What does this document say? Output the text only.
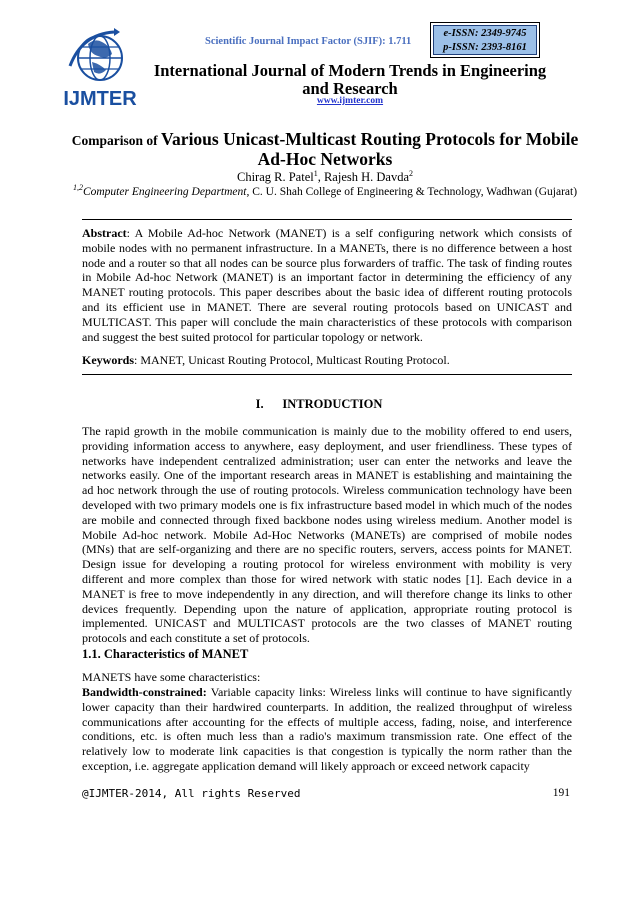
IJMTER
Scientific Journal Impact Factor (SJIF): 1.711
e-ISSN: 2349-9745
p-ISSN: 2393-8161
International Journal of Modern Trends in Engineering
and Research
www.ijmter.com
Comparison of Various Unicast-Multicast Routing Protocols for Mobile
Ad-Hoc Networks
Chirag R. Patel$^1$, Rajesh H. Davda$^2$
$^{1,2}$Computer Engineering Department, C. U. Shah College of Engineering & Technology, Wadhwan (Gujarat)

Abstract: A Mobile Ad-hoc Network (MANET) is a self configuring network which consists of mobile nodes with no permanent infrastructure. In a MANETs, there is no difference between a host node and a router so that all nodes can be source plus forwarders of traffic. The task of finding routes in Mobile Ad-hoc Network (MANET) is an important factor in determining the efficiency of any MANET routing protocols. This paper describes about the basic idea of different routing protocols and its efficient use in MANET. There are several routing protocols based on UNICAST and MULTICAST. This paper will conclude the main characteristics of these protocols with comparison and suggest the best suited protocol for particular topology or network.

Keywords: MANET, Unicast Routing Protocol, Multicast Routing Protocol.

I.      INTRODUCTION

The rapid growth in the mobile communication is mainly due to the mobility offered to end users, providing information access to anywhere, easy deployment, and user friendliness. These types of networks have independent centralized administration; user can enter the networks and leave the networks easily. One of the important research areas in MANET is establishing and maintaining the ad hoc network through the use of routing protocols. Wireless communication technology have been developed with two primary models one is fix infrastructure based model in which much of the nodes are mobile and connected through fixed backbone nodes using wireless medium. Another model is Mobile Ad-hoc network. Mobile Ad-Hoc Networks (MANETs) are comprised of mobile nodes (MNs) that are self-organizing and there are no specific routers, servers, access points for MANET. Design issue for developing a routing protocol for wireless environment with mobility is very different and more complex than those for wired network with static nodes [1]. Each device in a MANET is free to move independently in any direction, and will therefore change its links to other devices frequently. Depending upon the nature of application, appropriate routing protocol is implemented. UNICAST and MULTICAST protocols are the two classes of MANET routing protocols and each constitute a set of protocols.

1.1. Characteristics of MANET

MANETS have some characteristics:

Bandwidth-constrained: Variable capacity links: Wireless links will continue to have significantly lower capacity than their hardwired counterparts. In addition, the realized throughput of wireless communications after accounting for the effects of multiple access, fading, noise, and interference conditions, etc. is often much less than a radio's maximum transmission rate. One effect of the relatively low to moderate link capacities is that congestion is typically the norm rather than the exception, i.e. aggregate application demand will likely approach or exceed network capacity

@IJMTER-2014, All rights Reserved	191
